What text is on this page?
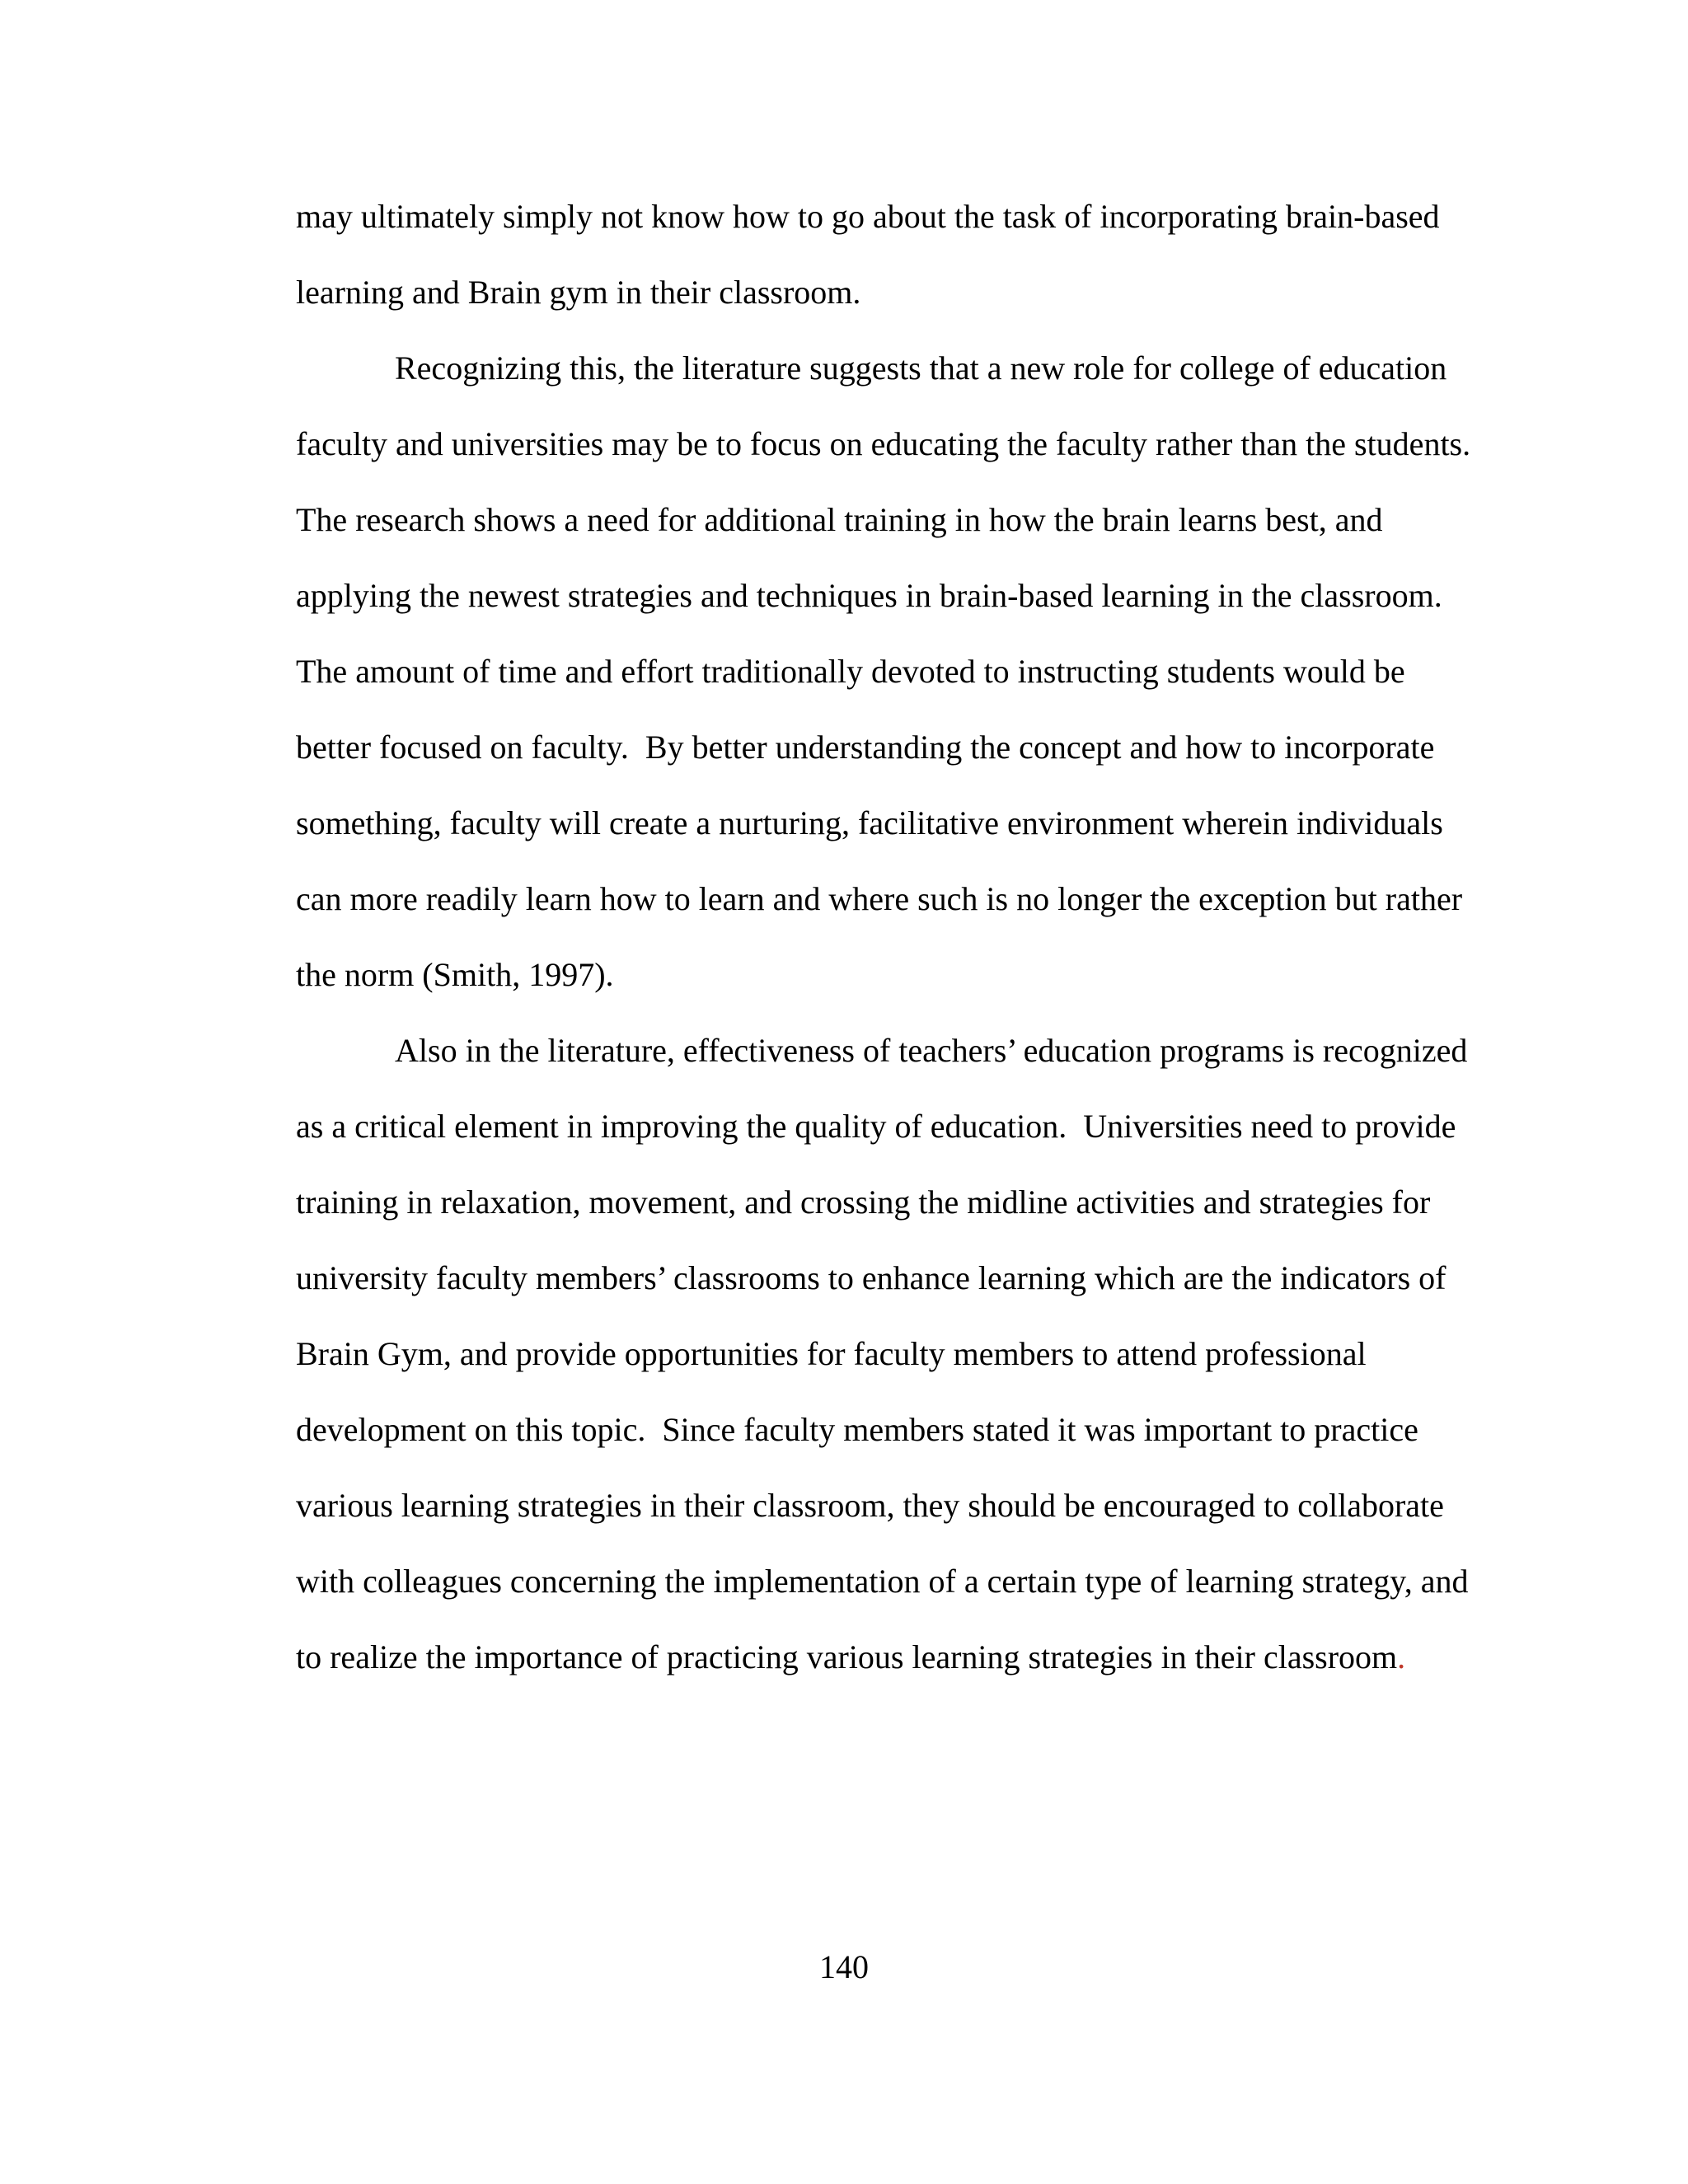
may ultimately simply not know how to go about the task of incorporating brain-based
learning and Brain gym in their classroom.
Recognizing this, the literature suggests that a new role for college of education
faculty and universities may be to focus on educating the faculty rather than the students.
The research shows a need for additional training in how the brain learns best, and
applying the newest strategies and techniques in brain-based learning in the classroom.
The amount of time and effort traditionally devoted to instructing students would be
better focused on faculty.  By better understanding the concept and how to incorporate
something, faculty will create a nurturing, facilitative environment wherein individuals
can more readily learn how to learn and where such is no longer the exception but rather
the norm (Smith, 1997).
Also in the literature, effectiveness of teachers’ education programs is recognized
as a critical element in improving the quality of education.  Universities need to provide
training in relaxation, movement, and crossing the midline activities and strategies for
university faculty members’ classrooms to enhance learning which are the indicators of
Brain Gym, and provide opportunities for faculty members to attend professional
development on this topic.  Since faculty members stated it was important to practice
various learning strategies in their classroom, they should be encouraged to collaborate
with colleagues concerning the implementation of a certain type of learning strategy, and
to realize the importance of practicing various learning strategies in their classroom.
140
